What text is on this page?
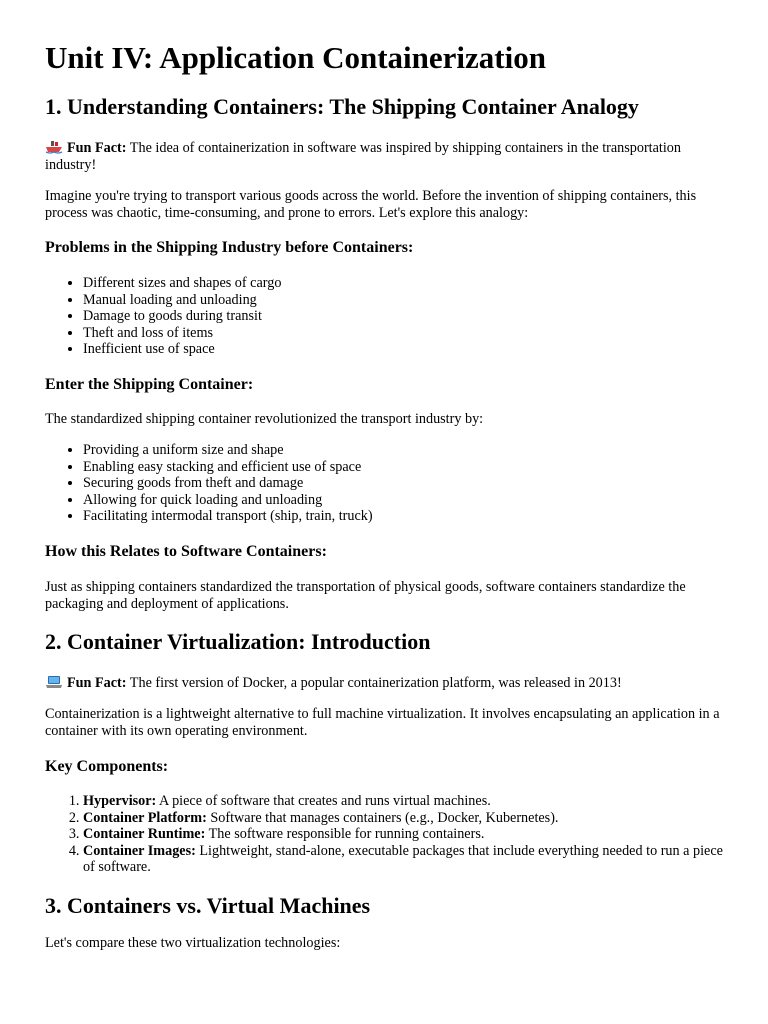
Unit IV: Application Containerization
1. Understanding Containers: The Shipping Container Analogy

Fun Fact: The idea of containerization in software was inspired by shipping containers in the transportation industry!

Imagine you're trying to transport various goods across the world. Before the invention of shipping containers, this process was chaotic, time-consuming, and prone to errors. Let's explore this analogy:

Problems in the Shipping Industry before Containers:
• Different sizes and shapes of cargo
• Manual loading and unloading
• Damage to goods during transit
• Theft and loss of items
• Inefficient use of space
Enter the Shipping Container:

The standardized shipping container revolutionized the transport industry by:

• Providing a uniform size and shape
• Enabling easy stacking and efficient use of space
• Securing goods from theft and damage
• Allowing for quick loading and unloading
• Facilitating intermodal transport (ship, train, truck)
How this Relates to Software Containers:

Just as shipping containers standardized the transportation of physical goods, software containers standardize the packaging and deployment of applications.

2. Container Virtualization: Introduction

Fun Fact: The first version of Docker, a popular containerization platform, was released in 2013!

Containerization is a lightweight alternative to full machine virtualization. It involves encapsulating an application in a container with its own operating environment.

Key Components:
1. Hypervisor: A piece of software that creates and runs virtual machines.
2. Container Platform: Software that manages containers (e.g., Docker, Kubernetes).
3. Container Runtime: The software responsible for running containers.
4. Container Images: Lightweight, stand-alone, executable packages that include everything needed to run a piece of software.
3. Containers vs. Virtual Machines

Let's compare these two virtualization technologies:
